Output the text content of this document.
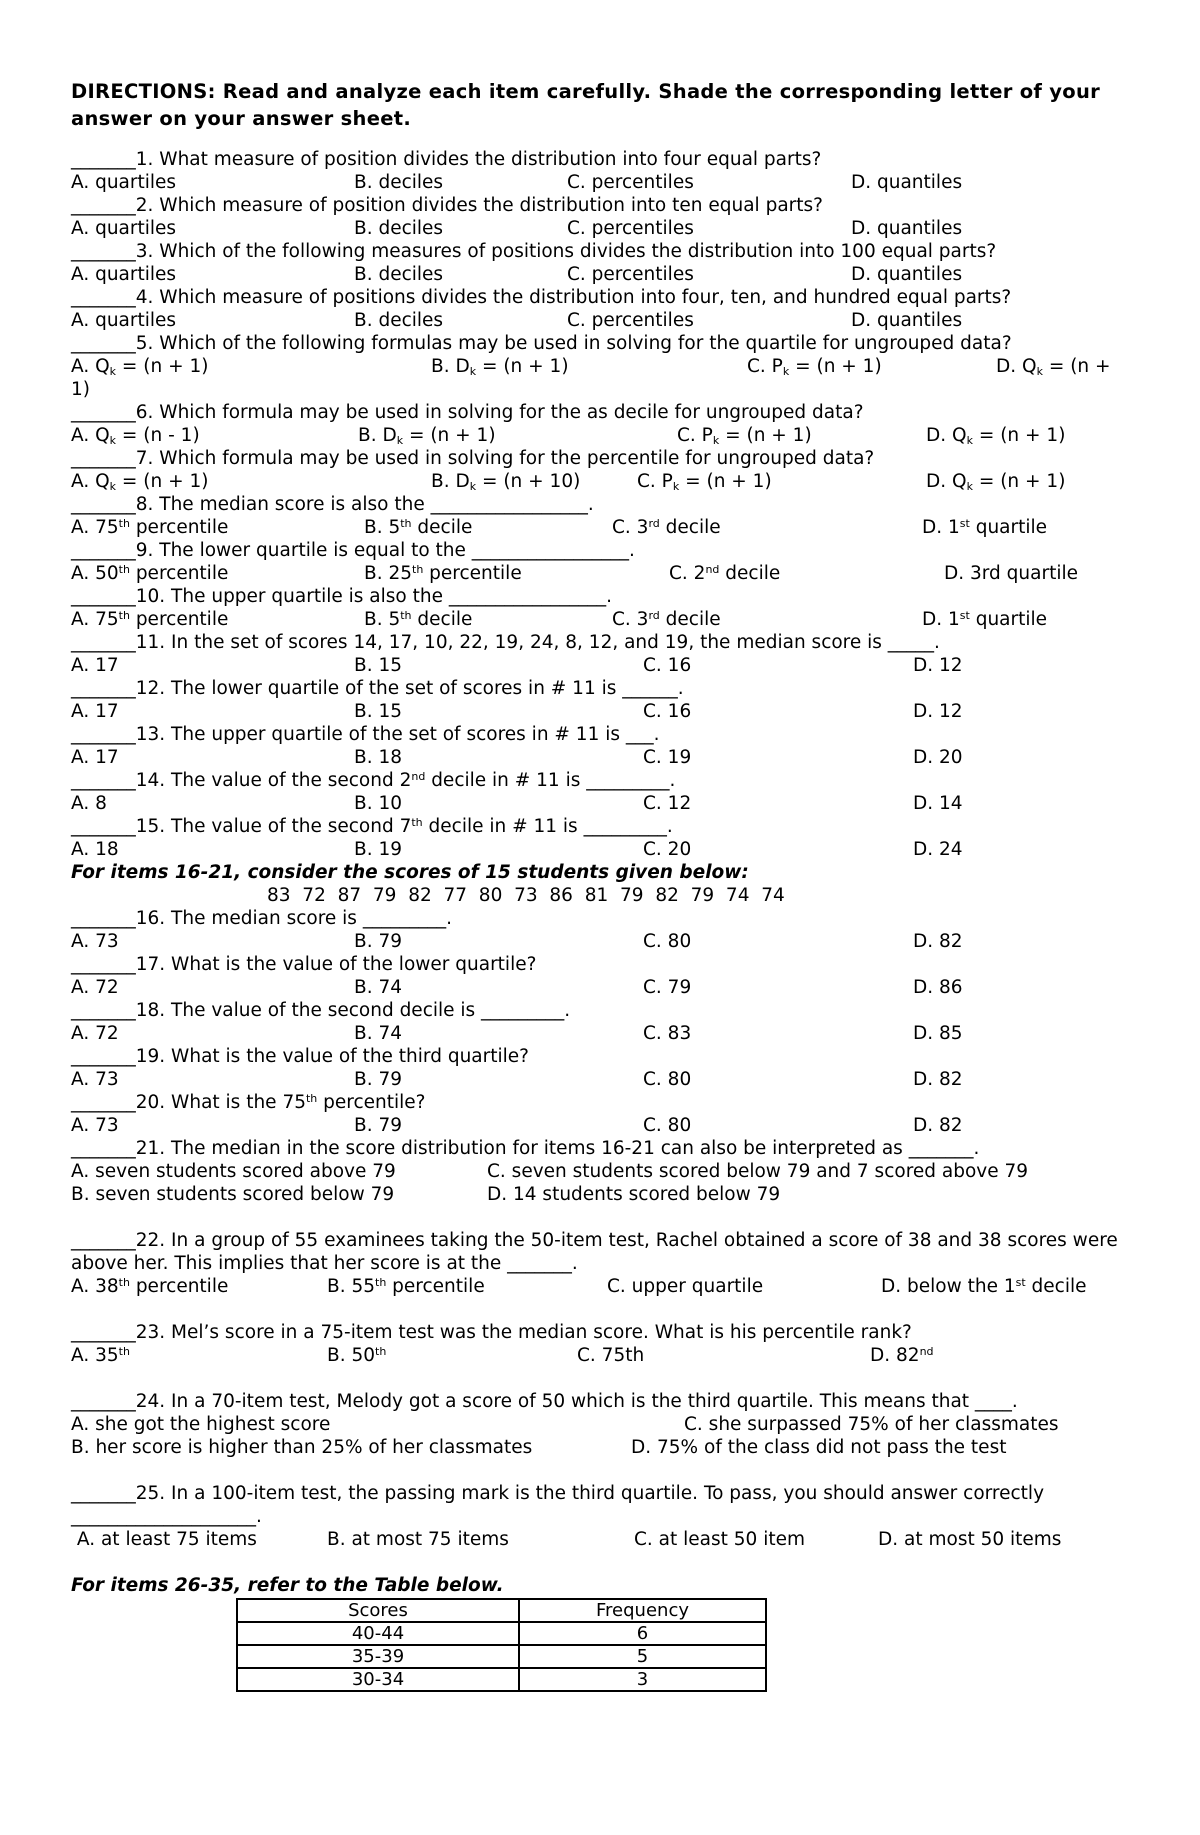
DIRECTIONS: Read and analyze each item carefully. Shade the corresponding letter of your answer on your answer sheet.
_______1. What measure of position divides the distribution into four equal parts?
A. quartiles	B. deciles	C. percentiles	D. quantiles
_______2. Which measure of position divides the distribution into ten equal parts?
A. quartiles	B. deciles	C. percentiles	D. quantiles
_______3. Which of the following measures of positions divides the distribution into 100 equal parts?
A. quartiles	B. deciles	C. percentiles	D. quantiles
_______4. Which measure of positions divides the distribution into four, ten, and hundred equal parts?
A. quartiles	B. deciles	C. percentiles	D. quantiles
_______5. Which of the following formulas may be used in solving for the quartile for ungrouped data?
A. $Q_k = (n + 1)$	B. $D_k = (n + 1)$	C. $P_k = (n + 1)$	D. $Q_k = (n$ +
1)
_______6. Which formula may be used in solving for the as decile for ungrouped data?
A. $Q_k = (n - 1)$	B. $D_k = (n + 1)$	C. $P_k = (n + 1)$	D. $Q_k = (n + 1)$
_______7. Which formula may be used in solving for the percentile for ungrouped data?
A. $Q_k = (n + 1)$	B. $D_k = (n + 10)$	C. $P_k = (n + 1)$	D. $Q_k = (n + 1)$
_______8. The median score is also the _________________.
A. 75th percentile	B. 5th decile	C. 3rd decile	D. 1st quartile
_______9. The lower quartile is equal to the _________________.
A. 50th percentile	B. 25th percentile	C. 2nd decile	D. 3rd quartile
_______10. The upper quartile is also the _________________.
A. 75th percentile	B. 5th decile	C. 3rd decile	D. 1st quartile
_______11. In the set of scores 14, 17, 10, 22, 19, 24, 8, 12, and 19, the median score is _____.
A. 17	B. 15	C. 16	D. 12
_______12. The lower quartile of the set of scores in # 11 is ______.
A. 17	B. 15	C. 16	D. 12
_______13. The upper quartile of the set of scores in # 11 is ___.
A. 17	B. 18	C. 19	D. 20
_______14. The value of the second 2nd decile in # 11 is _________.
A. 8	B. 10	C. 12	D. 14
_______15. The value of the second 7th decile in # 11 is _________.
A. 18	B. 19	C. 20	D. 24
For items 16-21, consider the scores of 15 students given below:
83  72  87  79  82  77  80  73  86  81  79  82  79  74  74
_______16. The median score is _________.
A. 73	B. 79	C. 80	D. 82
_______17. What is the value of the lower quartile?
A. 72	B. 74	C. 79	D. 86
_______18. The value of the second decile is _________.
A. 72	B. 74	C. 83	D. 85
_______19. What is the value of the third quartile?
A. 73	B. 79	C. 80	D. 82
_______20. What is the 75th percentile?
A. 73	B. 79	C. 80	D. 82
_______21. The median in the score distribution for items 16-21 can also be interpreted as _______.
A. seven students scored above 79	C. seven students scored below 79 and 7 scored above 79
B. seven students scored below 79	D. 14 students scored below 79
_______22. In a group of 55 examinees taking the 50-item test, Rachel obtained a score of 38 and 38 scores were above her. This implies that her score is at the _______.
A. 38th percentile	B. 55th percentile	C. upper quartile	D. below the 1st decile
_______23. Mel’s score in a 75-item test was the median score. What is his percentile rank?
A. 35th	B. 50th	C. 75th	D. 82nd
_______24. In a 70-item test, Melody got a score of 50 which is the third quartile. This means that ____.
A. she got the highest score	C. she surpassed 75% of her classmates
B. her score is higher than 25% of her classmates	D. 75% of the class did not pass the test
_______25. In a 100-item test, the passing mark is the third quartile. To pass, you should answer correctly
____________________.
A. at least 75 items	B. at most 75 items	C. at least 50 item	D. at most 50 items
For items 26-35, refer to the Table below.
Scores	Frequency
40-44	6
35-39	5
30-34	3
